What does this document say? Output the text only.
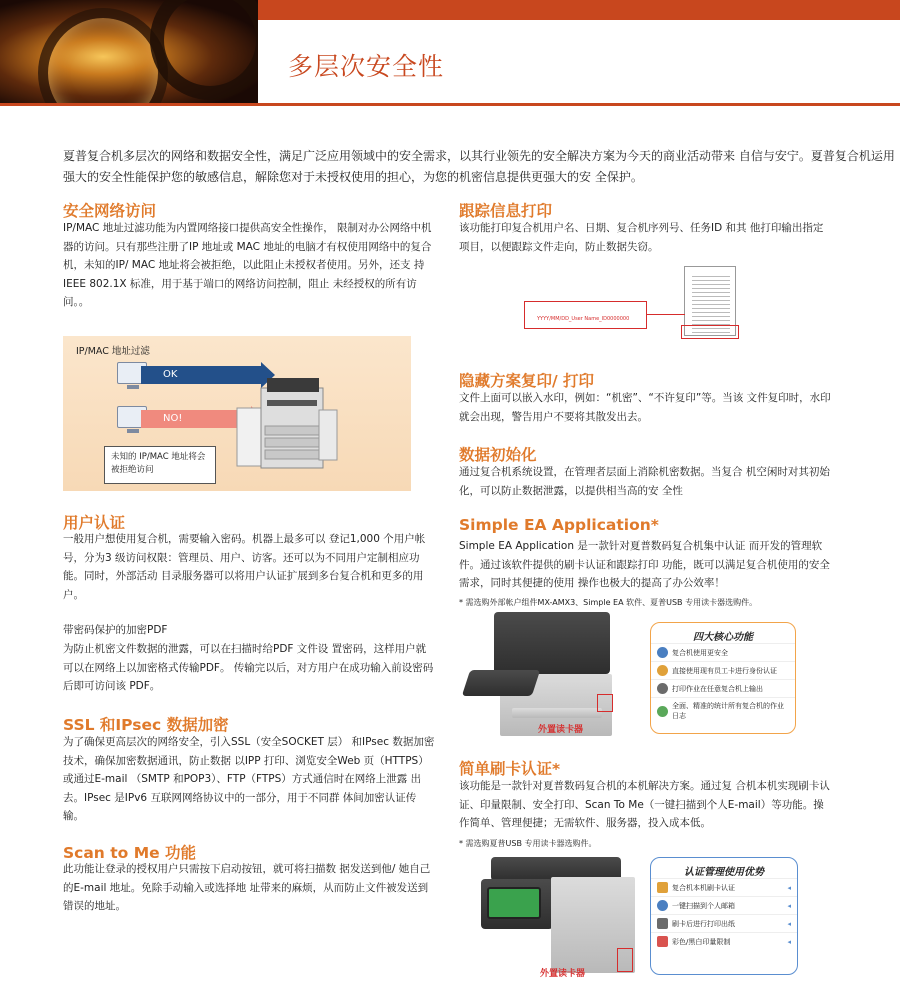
多层次安全性
夏普复合机多层次的网络和数据安全性，满足广泛应用领域中的安全需求，以其行业领先的安全解决方案为今天的商业活动带来 自信与安宁。夏普复合机运用强大的安全性能保护您的敏感信息，解除您对于未授权使用的担心，为您的机密信息提供更强大的安 全保护。
安全网络访问
IP/MAC 地址过滤功能为内置网络接口提供高安全性操作， 限制对办公网络中机器的访问。只有那些注册了IP 地址或 MAC 地址的电脑才有权使用网络中的复合机，未知的IP/ MAC 地址将会被拒绝，以此阻止未授权者使用。另外，还支 持IEEE 802.1X 标准，用于基于端口的网络访问控制，阻止 未经授权的所有访问。。
IP/MAC 地址过滤
OK
NO!
未知的 IP/MAC 地址将会被拒绝访问
用户认证
一般用户想使用复合机，需要输入密码。机器上最多可以 登记1,000 个用户帐号，分为3 级访问权限：管理员、用户、访客。还可以为不同用户定制相应功能。同时，外部活动 目录服务器可以将用户认证扩展到多台复合机和更多的用户。
带密码保护的加密PDF
为防止机密文件数据的泄露，可以在扫描时给PDF 文件设 置密码，这样用户就可以在网络上以加密格式传输PDF。 传输完以后，对方用户在成功输入前设密码后即可访问该 PDF。
SSL 和IPsec 数据加密
为了确保更高层次的网络安全，引入SSL（安全SOCKET 层） 和IPsec 数据加密技术，确保加密数据通讯，防止数据 以IPP 打印、浏览安全Web 页（HTTPS）或通过E-mail （SMTP 和POP3）、FTP（FTPS）方式通信时在网络上泄露 出去。IPsec 是IPv6 互联网网络协议中的一部分，用于不同群 体间加密认证传输。
Scan to Me 功能
此功能让登录的授权用户只需按下启动按钮，就可将扫描数 据发送到他/ 她自己的E-mail 地址。免除手动输入或选择地 址带来的麻烦，从而防止文件被发送到错误的地址。
跟踪信息打印
该功能打印复合机用户名、日期、复合机序列号、任务ID 和其 他打印输出指定项目，以便跟踪文件走向，防止数据失窃。
YYYY/MM/DD_User Name_ID0000000
隐藏方案复印/ 打印
文件上面可以嵌入水印，例如：“机密”、“不许复印”等。当该 文件复印时，水印就会出现，警告用户不要将其散发出去。
数据初始化
通过复合机系统设置，在管理者层面上消除机密数据。当复合 机空闲时对其初始化，可以防止数据泄露，以提供相当高的安 全性
Simple EA Application*
Simple EA Application 是一款针对夏普数码复合机集中认证 而开发的管理软件。通过该软件提供的刷卡认证和跟踪打印 功能，既可以满足复合机使用的安全需求，同时其便捷的使用 操作也极大的提高了办公效率！
* 需选购外部帐户组件MX-AMX3、Simple EA 软件、夏普USB 专用读卡器选购件。
外置读卡器
四大核心功能
复合机使用更安全
直接使用现有员工卡进行身份认证
打印作业在任意复合机上输出
全面、精准的统计所有复合机的作业日志
简单刷卡认证*
该功能是一款针对夏普数码复合机的本机解决方案。通过复 合机本机实现刷卡认证、印量限制、安全打印、Scan To Me（一键扫描到个人E-mail）等功能。操作简单、管理便捷；无需软件、服务器，投入成本低。
* 需选购夏普USB 专用读卡器选购件。
外置读卡器
认证管理使用优势
复合机本机刷卡认证	◂
一键扫描到个人邮箱	◂
刷卡后进行打印出纸	◂
彩色/黑白印量限制	◂
